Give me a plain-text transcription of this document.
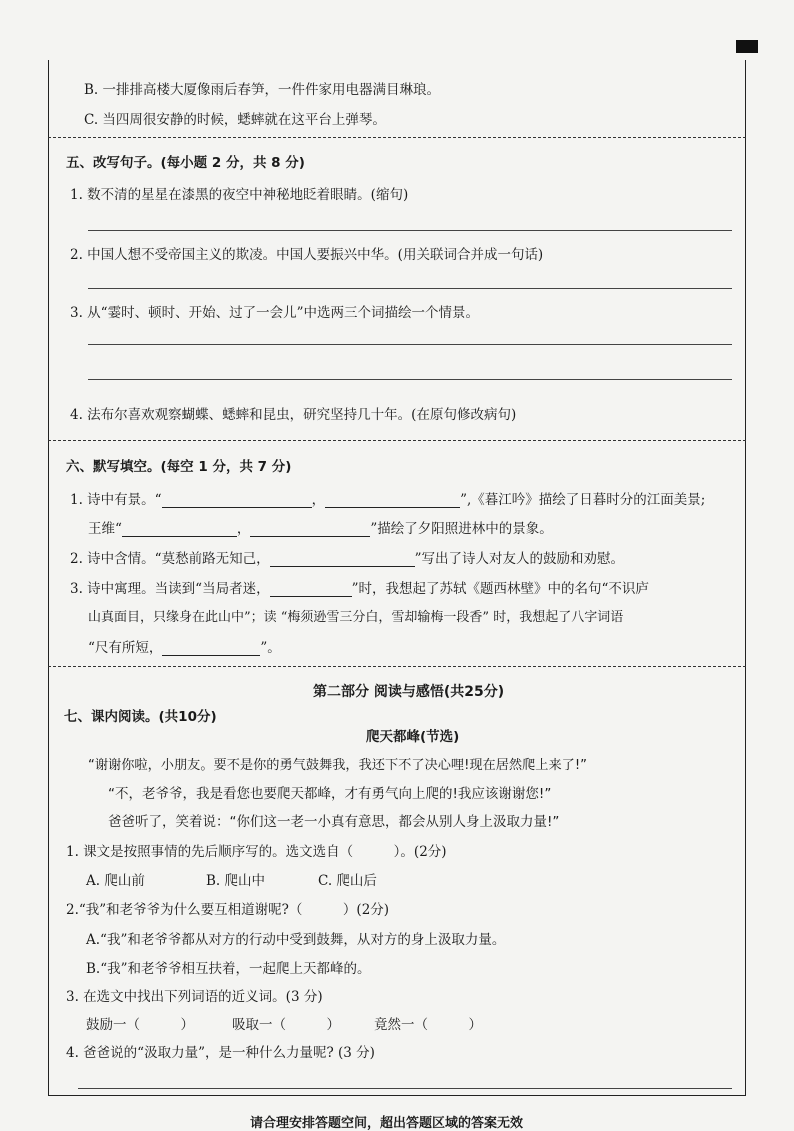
B. 一排排高楼大厦像雨后春笋，一件件家用电器满目琳琅。
C. 当四周很安静的时候，蟋蟀就在这平台上弹琴。
五、改写句子。(每小题 2 分，共 8 分)
1. 数不清的星星在漆黑的夜空中神秘地眨着眼睛。(缩句)
2. 中国人想不受帝国主义的欺凌。中国人要振兴中华。(用关联词合并成一句话)
3. 从“霎时、顿时、开始、过了一会儿”中选两三个词描绘一个情景。
4. 法布尔喜欢观察蝴蝶、蟋蟀和昆虫，研究坚持几十年。(在原句修改病句)
六、默写填空。(每空 1 分，共 7 分)
1. 诗中有景。“	，	”,《暮江吟》描绘了日暮时分的江面美景;
王维“	，	”描绘了夕阳照进林中的景象。
2. 诗中含情。“莫愁前路无知己，	”写出了诗人对友人的鼓励和劝慰。
3. 诗中寓理。当读到“当局者迷，	”时，我想起了苏轼《题西林壁》中的名句“不识庐
山真面目，只缘身在此山中”；读 “梅须逊雪三分白，雪却输梅一段香” 时，我想起了八字词语
“尺有所短，	”。
第二部分 阅读与感悟(共25分)
七、课内阅读。(共10分)
爬天都峰(节选)
“谢谢你啦，小朋友。要不是你的勇气鼓舞我，我还下不了决心哩!现在居然爬上来了!”
“不，老爷爷，我是看您也要爬天都峰，才有勇气向上爬的!我应该谢谢您!”
爸爸听了，笑着说：“你们这一老一小真有意思，都会从别人身上汲取力量!”
1. 课文是按照事情的先后顺序写的。选文选自（　　　）。(2分)
A. 爬山前	B. 爬山中	C. 爬山后
2.“我”和老爷爷为什么要互相道谢呢?（　　　）(2分)
A.“我”和老爷爷都从对方的行动中受到鼓舞，从对方的身上汲取力量。
B.“我”和老爷爷相互扶着，一起爬上天都峰的。
3. 在选文中找出下列词语的近义词。(3 分)
鼓励一（　　　）	吸取一（　　　）	竟然一（　　　）
4. 爸爸说的“汲取力量”，是一种什么力量呢? (3 分)
请合理安排答题空间，超出答题区域的答案无效
